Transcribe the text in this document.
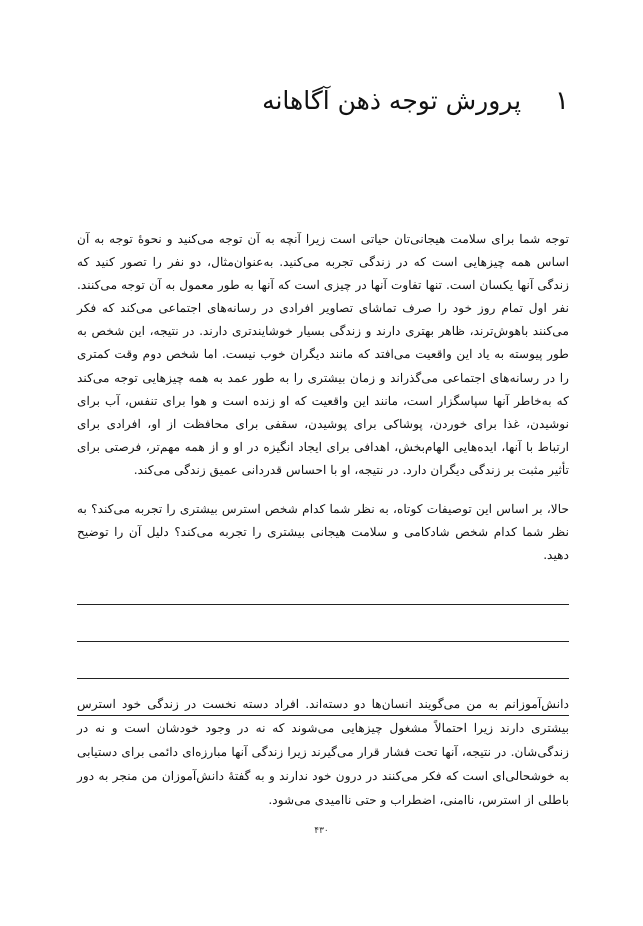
۱
پرورش توجه ذهن آگاهانه

توجه شما برای سلامت هیجانی‌تان حیاتی است زیرا آنچه به آن توجه می‌کنید و نحوه‌ٔ توجه به آن اساس همه چیزهایی است که در زندگی تجربه می‌کنید. به‌عنوان‌مثال، دو نفر را تصور کنید که زندگی آنها یکسان است. تنها تفاوت آنها در چیزی است که آنها به طور معمول به آن توجه می‌کنند. نفر اول تمام روز خود را صرف تماشای تصاویر افرادی در رسانه‌های اجتماعی می‌کند که فکر می‌کنند باهوش‌ترند، ظاهر بهتری دارند و زندگی بسیار خوشایندتری دارند. در نتیجه، این شخص به طور پیوسته به یاد این واقعیت می‌افتد که مانند دیگران خوب نیست. اما شخص دوم وقت کمتری را در رسانه‌های اجتماعی می‌گذراند و زمان بیشتری را به طور عمد به همه چیزهایی توجه می‌کند که به‌خاطر آنها سپاسگزار است، مانند این واقعیت که او زنده است و هوا برای تنفس، آب برای نوشیدن، غذا برای خوردن، پوشاکی برای پوشیدن، سقفی برای محافظت از او، افرادی برای ارتباط با آنها، ایده‌هایی الهام‌بخش، اهدافی برای ایجاد انگیزه در او و از همه مهم‌تر، فرصتی برای تأثیر مثبت بر زندگی دیگران دارد. در نتیجه، او با احساس قدردانی عمیق زندگی می‌کند.

حالا، بر اساس این توصیفات کوتاه، به نظر شما کدام شخص استرس بیشتری را تجربه می‌کند؟ به نظر شما کدام شخص شادکامی و سلامت هیجانی بیشتری را تجربه می‌کند؟ دلیل آن را توضیح دهید.

دانش‌آموزانم به من می‌گویند انسان‌ها دو دسته‌اند. افراد دسته نخست در زندگی خود استرس بیشتری دارند زیرا احتمالاً مشغول چیزهایی می‌شوند که نه در وجود خودشان است و نه در زندگی‌شان. در نتیجه، آنها تحت فشار قرار می‌گیرند زیرا زندگی آنها مبارزه‌ای دائمی برای دستیابی به خوشحالی‌ای است که فکر می‌کنند در درون خود ندارند و به گفتهٔ دانش‌آموزان من منجر به دور باطلی از استرس، ناامنی، اضطراب و حتی ناامیدی می‌شود.

۴۳۰
